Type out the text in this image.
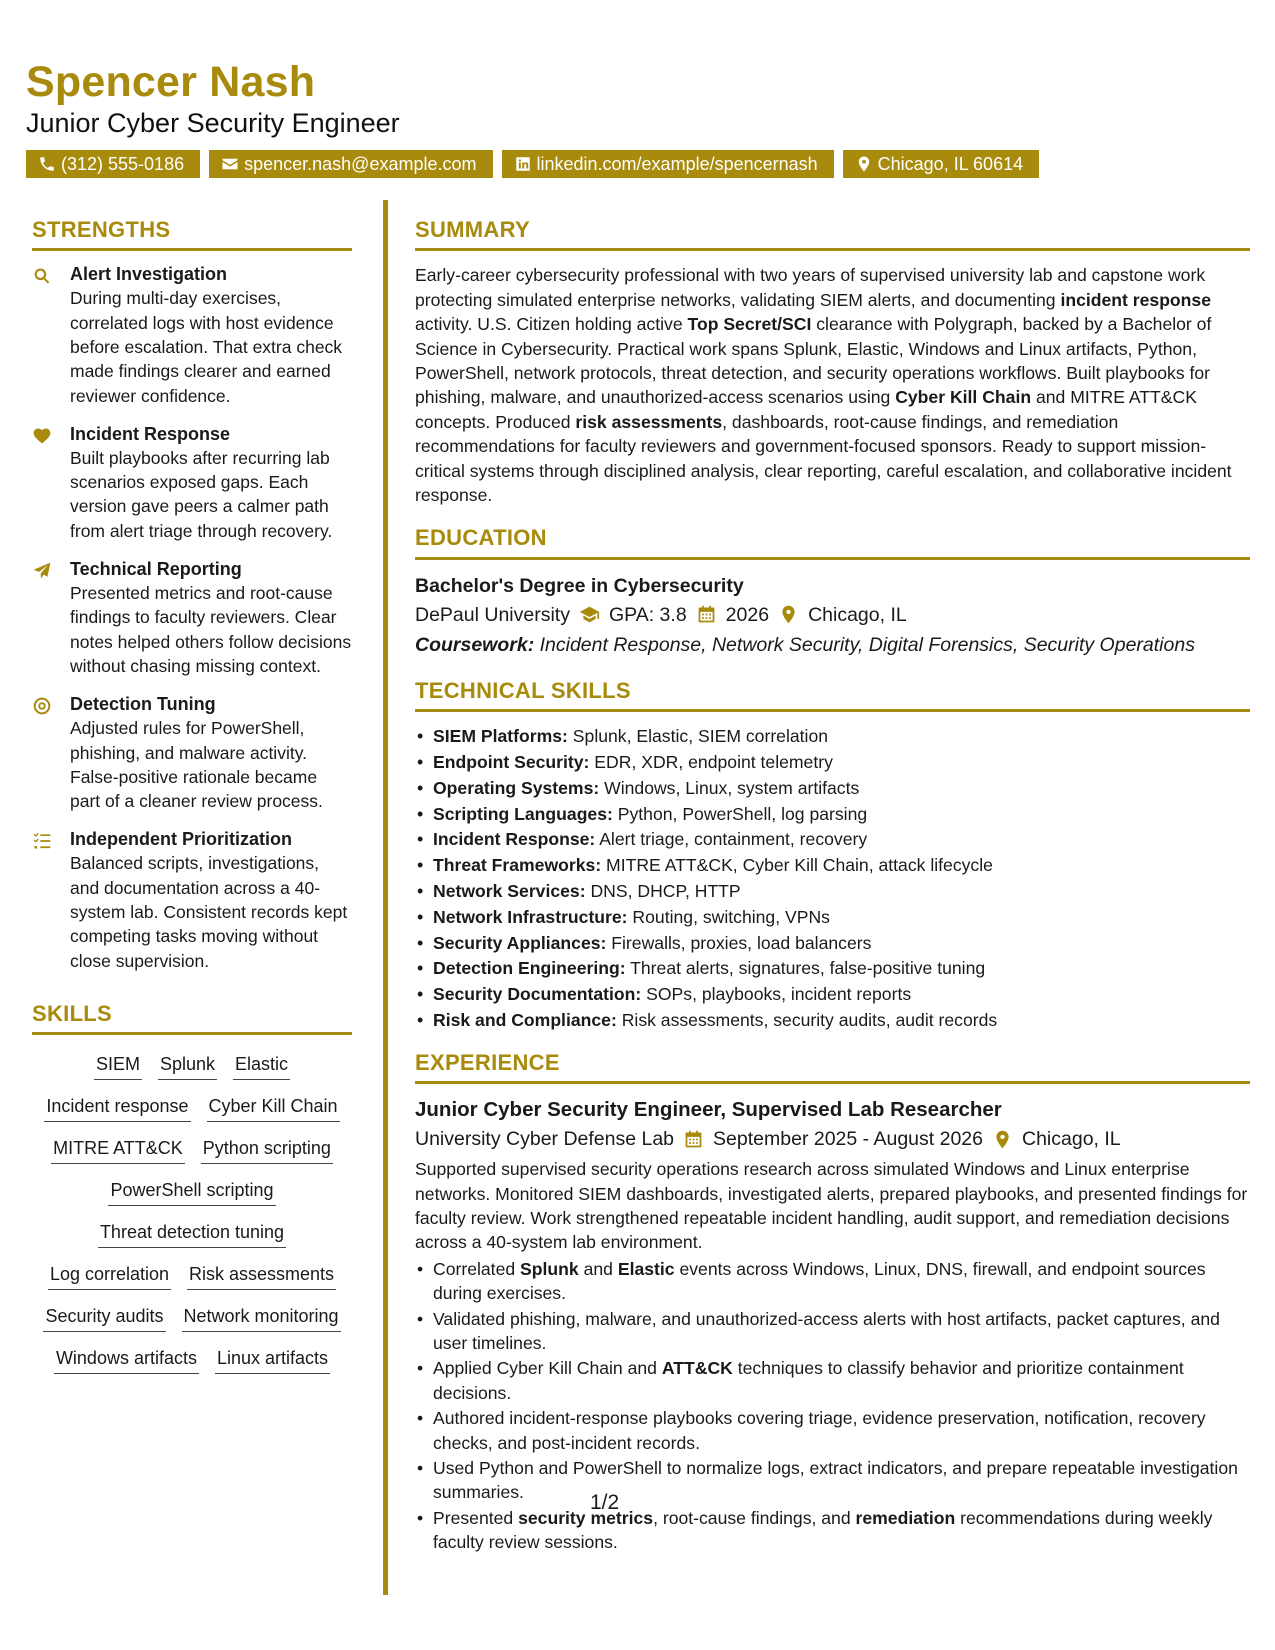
Spencer Nash
Junior Cyber Security Engineer
(312) 555-0186	spencer.nash@example.com	linkedin.com/example/spencernash	Chicago, IL 60614
STRENGTHS
Alert Investigation
During multi-day exercises, correlated logs with host evidence before escalation. That extra check made findings clearer and earned reviewer confidence.
Incident Response
Built playbooks after recurring lab scenarios exposed gaps. Each version gave peers a calmer path from alert triage through recovery.
Technical Reporting
Presented metrics and root-cause findings to faculty reviewers. Clear notes helped others follow decisions without chasing missing context.
Detection Tuning
Adjusted rules for PowerShell, phishing, and malware activity. False-positive rationale became part of a cleaner review process.
Independent Prioritization
Balanced scripts, investigations, and documentation across a 40-system lab. Consistent records kept competing tasks moving without close supervision.
SKILLS
SIEM Splunk Elastic
Incident response Cyber Kill Chain
MITRE ATT&CK Python scripting
PowerShell scripting
Threat detection tuning
Log correlation Risk assessments
Security audits Network monitoring
Windows artifacts Linux artifacts
SUMMARY
Early-career cybersecurity professional with two years of supervised university lab and capstone work protecting simulated enterprise networks, validating SIEM alerts, and documenting incident response activity. U.S. Citizen holding active Top Secret/SCI clearance with Polygraph, backed by a Bachelor of Science in Cybersecurity. Practical work spans Splunk, Elastic, Windows and Linux artifacts, Python, PowerShell, network protocols, threat detection, and security operations workflows. Built playbooks for phishing, malware, and unauthorized-access scenarios using Cyber Kill Chain and MITRE ATT&CK concepts. Produced risk assessments, dashboards, root-cause findings, and remediation recommendations for faculty reviewers and government-focused sponsors. Ready to support mission-critical systems through disciplined analysis, clear reporting, careful escalation, and collaborative incident response.
EDUCATION
Bachelor's Degree in Cybersecurity
DePaul University GPA: 3.8 2026 Chicago, IL
Coursework: Incident Response, Network Security, Digital Forensics, Security Operations
TECHNICAL SKILLS
• SIEM Platforms: Splunk, Elastic, SIEM correlation
• Endpoint Security: EDR, XDR, endpoint telemetry
• Operating Systems: Windows, Linux, system artifacts
• Scripting Languages: Python, PowerShell, log parsing
• Incident Response: Alert triage, containment, recovery
• Threat Frameworks: MITRE ATT&CK, Cyber Kill Chain, attack lifecycle
• Network Services: DNS, DHCP, HTTP
• Network Infrastructure: Routing, switching, VPNs
• Security Appliances: Firewalls, proxies, load balancers
• Detection Engineering: Threat alerts, signatures, false-positive tuning
• Security Documentation: SOPs, playbooks, incident reports
• Risk and Compliance: Risk assessments, security audits, audit records
EXPERIENCE
Junior Cyber Security Engineer, Supervised Lab Researcher
University Cyber Defense Lab September 2025 - August 2026 Chicago, IL
Supported supervised security operations research across simulated Windows and Linux enterprise networks. Monitored SIEM dashboards, investigated alerts, prepared playbooks, and presented findings for faculty review. Work strengthened repeatable incident handling, audit support, and remediation decisions across a 40-system lab environment.
• Correlated Splunk and Elastic events across Windows, Linux, DNS, firewall, and endpoint sources during exercises.
• Validated phishing, malware, and unauthorized-access alerts with host artifacts, packet captures, and user timelines.
• Applied Cyber Kill Chain and ATT&CK techniques to classify behavior and prioritize containment decisions.
• Authored incident-response playbooks covering triage, evidence preservation, notification, recovery checks, and post-incident records.
• Used Python and PowerShell to normalize logs, extract indicators, and prepare repeatable investigation summaries.
• Presented security metrics, root-cause findings, and remediation recommendations during weekly faculty review sessions.
1/2
